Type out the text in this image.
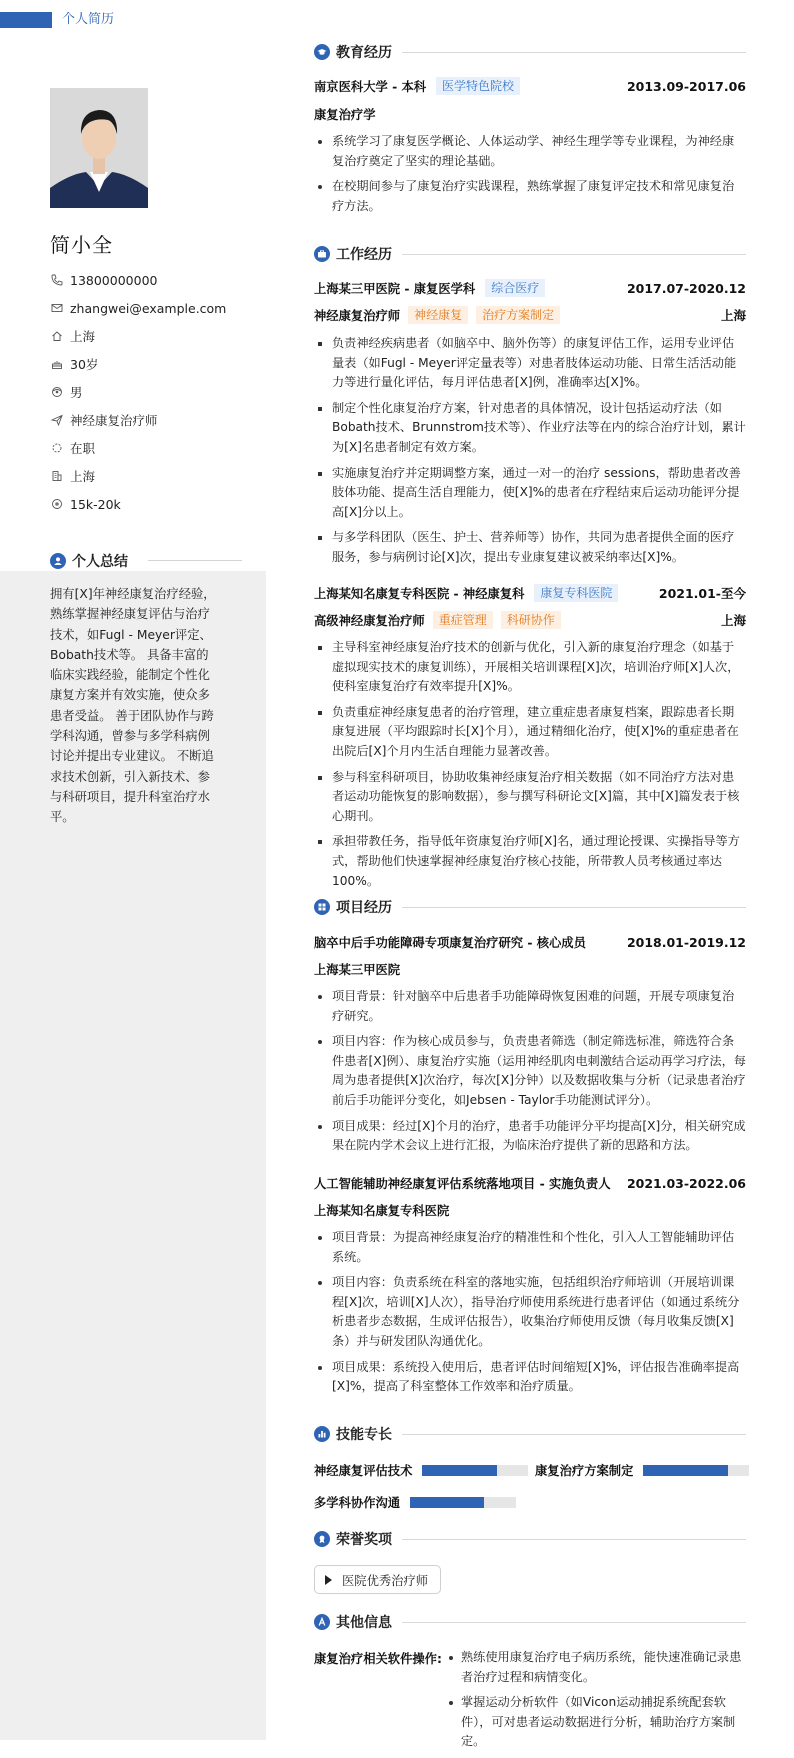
个人简历
简小全
13800000000
zhangwei@example.com
上海
30岁
男
神经康复治疗师
在职
上海
15k-20k
个人总结
拥有[X]年神经康复治疗经验，熟练掌握神经康复评估与治疗技术，如Fugl - Meyer评定、Bobath技术等。 具备丰富的临床实践经验，能制定个性化康复方案并有效实施，使众多患者受益。 善于团队协作与跨学科沟通，曾参与多学科病例讨论并提出专业建议。 不断追求技术创新，引入新技术、参与科研项目，提升科室治疗水平。
教育经历
南京医科大学 - 本科	医学特色院校	2013.09-2017.06
康复治疗学
系统学习了康复医学概论、人体运动学、神经生理学等专业课程，为神经康复治疗奠定了坚实的理论基础。
在校期间参与了康复治疗实践课程，熟练掌握了康复评定技术和常见康复治疗方法。
工作经历
上海某三甲医院 - 康复医学科	综合医疗	2017.07-2020.12
神经康复治疗师	神经康复	治疗方案制定	上海
负责神经疾病患者（如脑卒中、脑外伤等）的康复评估工作，运用专业评估量表（如Fugl - Meyer评定量表等）对患者肢体运动功能、日常生活活动能力等进行量化评估，每月评估患者[X]例，准确率达[X]%。
制定个性化康复治疗方案，针对患者的具体情况，设计包括运动疗法（如Bobath技术、Brunnstrom技术等）、作业疗法等在内的综合治疗计划，累计为[X]名患者制定有效方案。
实施康复治疗并定期调整方案，通过一对一的治疗 sessions，帮助患者改善肢体功能、提高生活自理能力，使[X]%的患者在疗程结束后运动功能评分提高[X]分以上。
与多学科团队（医生、护士、营养师等）协作，共同为患者提供全面的医疗服务，参与病例讨论[X]次，提出专业康复建议被采纳率达[X]%。
上海某知名康复专科医院 - 神经康复科	康复专科医院	2021.01-至今
高级神经康复治疗师	重症管理	科研协作	上海
主导科室神经康复治疗技术的创新与优化，引入新的康复治疗理念（如基于虚拟现实技术的康复训练），开展相关培训课程[X]次，培训治疗师[X]人次，使科室康复治疗有效率提升[X]%。
负责重症神经康复患者的治疗管理，建立重症患者康复档案，跟踪患者长期康复进展（平均跟踪时长[X]个月），通过精细化治疗，使[X]%的重症患者在出院后[X]个月内生活自理能力显著改善。
参与科室科研项目，协助收集神经康复治疗相关数据（如不同治疗方法对患者运动功能恢复的影响数据），参与撰写科研论文[X]篇，其中[X]篇发表于核心期刊。
承担带教任务，指导低年资康复治疗师[X]名，通过理论授课、实操指导等方式，帮助他们快速掌握神经康复治疗核心技能，所带教人员考核通过率达100%。
项目经历
脑卒中后手功能障碍专项康复治疗研究 - 核心成员	2018.01-2019.12
上海某三甲医院
项目背景：针对脑卒中后患者手功能障碍恢复困难的问题，开展专项康复治疗研究。
项目内容：作为核心成员参与，负责患者筛选（制定筛选标准，筛选符合条件患者[X]例）、康复治疗实施（运用神经肌肉电刺激结合运动再学习疗法，每周为患者提供[X]次治疗，每次[X]分钟）以及数据收集与分析（记录患者治疗前后手功能评分变化，如Jebsen - Taylor手功能测试评分）。
项目成果：经过[X]个月的治疗，患者手功能评分平均提高[X]分，相关研究成果在院内学术会议上进行汇报，为临床治疗提供了新的思路和方法。
人工智能辅助神经康复评估系统落地项目 - 实施负责人 2021.03-2022.06
上海某知名康复专科医院
项目背景：为提高神经康复治疗的精准性和个性化，引入人工智能辅助评估系统。
项目内容：负责系统在科室的落地实施，包括组织治疗师培训（开展培训课程[X]次，培训[X]人次），指导治疗师使用系统进行患者评估（如通过系统分析患者步态数据，生成评估报告），收集治疗师使用反馈（每月收集反馈[X]条）并与研发团队沟通优化。
项目成果：系统投入使用后，患者评估时间缩短[X]%，评估报告准确率提高[X]%，提高了科室整体工作效率和治疗质量。
技能专长
神经康复评估技术	康复治疗方案制定
多学科协作沟通
荣誉奖项
医院优秀治疗师
其他信息
康复治疗相关软件操作:	熟练使用康复治疗电子病历系统，能快速准确记录患者治疗过程和病情变化。
掌握运动分析软件（如Vicon运动捕捉系统配套软件），可对患者运动数据进行分析，辅助治疗方案制定。
